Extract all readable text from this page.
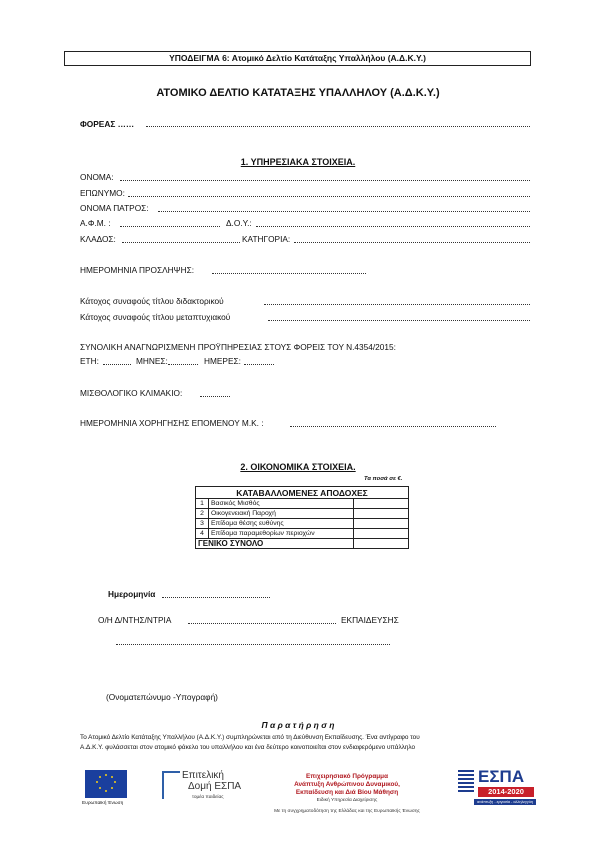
ΥΠΟΔΕΙΓΜΑ 6: Ατομικό Δελτίο Κατάταξης Υπαλλήλου (Α.Δ.Κ.Υ.)
ΑΤΟΜΙΚΟ ΔΕΛΤΙΟ ΚΑΤΑΤΑΞΗΣ ΥΠΑΛΛΗΛΟΥ (Α.Δ.Κ.Υ.)
ΦΟΡΕΑΣ ……
1. ΥΠΗΡΕΣΙΑΚΑ ΣΤΟΙΧΕΙΑ.
ΟΝΟΜΑ:
ΕΠΩΝΥΜΟ:
ΟΝΟΜΑ ΠΑΤΡΟΣ:
Α.Φ.Μ. :	Δ.Ο.Υ.:
ΚΛΑΔΟΣ:	ΚΑΤΗΓΟΡΙΑ:
ΗΜΕΡΟΜΗΝΙΑ ΠΡΟΣΛΗΨΗΣ:
Κάτοχος συναφούς τίτλου διδακτορικού
Κάτοχος συναφούς τίτλου μεταπτυχιακού
ΣΥΝΟΛΙΚΗ ΑΝΑΓΝΩΡΙΣΜΕΝΗ ΠΡΟΫΠΗΡΕΣΙΑΣ ΣΤΟΥΣ ΦΟΡΕΙΣ ΤΟΥ Ν.4354/2015:
ΕΤΗ:	ΜΗΝΕΣ:	ΗΜΕΡΕΣ:
ΜΙΣΘΟΛΟΓΙΚΟ ΚΛΙΜΑΚΙΟ:
ΗΜΕΡΟΜΗΝΙΑ ΧΟΡΗΓΗΣΗΣ ΕΠΟΜΕΝΟΥ Μ.Κ. :
2. ΟΙΚΟΝΟΜΙΚΑ ΣΤΟΙΧΕΙΑ.
Τα ποσά σε €.
ΚΑΤΑΒΑΛΛΟΜΕΝΕΣ ΑΠΟΔΟΧΕΣ		
1	Βασικός Μισθός	
2	Οικογενειακή Παροχή	
3	Επίδομα θέσης ευθύνης	
4	Επίδομα παραμεθορίων περιοχών	
ΓΕΝΙΚΟ ΣΥΝΟΛΟ		
Ημερομηνία
Ο/Η Δ/ΝΤΗΣ/ΝΤΡΙΑ	ΕΚΠΑΙΔΕΥΣΗΣ
(Ονοματεπώνυμο -Υπογραφή)
Π α ρ α τ ή ρ η σ η
Το Ατομικό Δελτίο Κατάταξης Υπαλλήλου (Α.Δ.Κ.Υ.) συμπληρώνεται από τη Διεύθυνση Εκπαίδευσης. Ένα αντίγραφο του
Α.Δ.Κ.Υ. φυλάσσεται στον ατομικό φάκελο του υπαλλήλου και ένα δεύτερο κοινοποιείται στον ενδιαφερόμενο υπάλληλο
Ευρωπαϊκή Ένωση
Επιτελική
Δομή ΕΣΠΑ
τομέα παιδείας
Επιχειρησιακό Πρόγραμμα
Ανάπτυξη Ανθρώπινου Δυναμικού,
Εκπαίδευση και Διά Βίου Μάθηση
Ειδική Υπηρεσία Διαχείρισης
Με τη συγχρηματοδότηση της Ελλάδας και της Ευρωπαϊκής Ένωσης
ΕΣΠΑ
2014-2020
ανάπτυξη - εργασία - αλληλεγγύη
